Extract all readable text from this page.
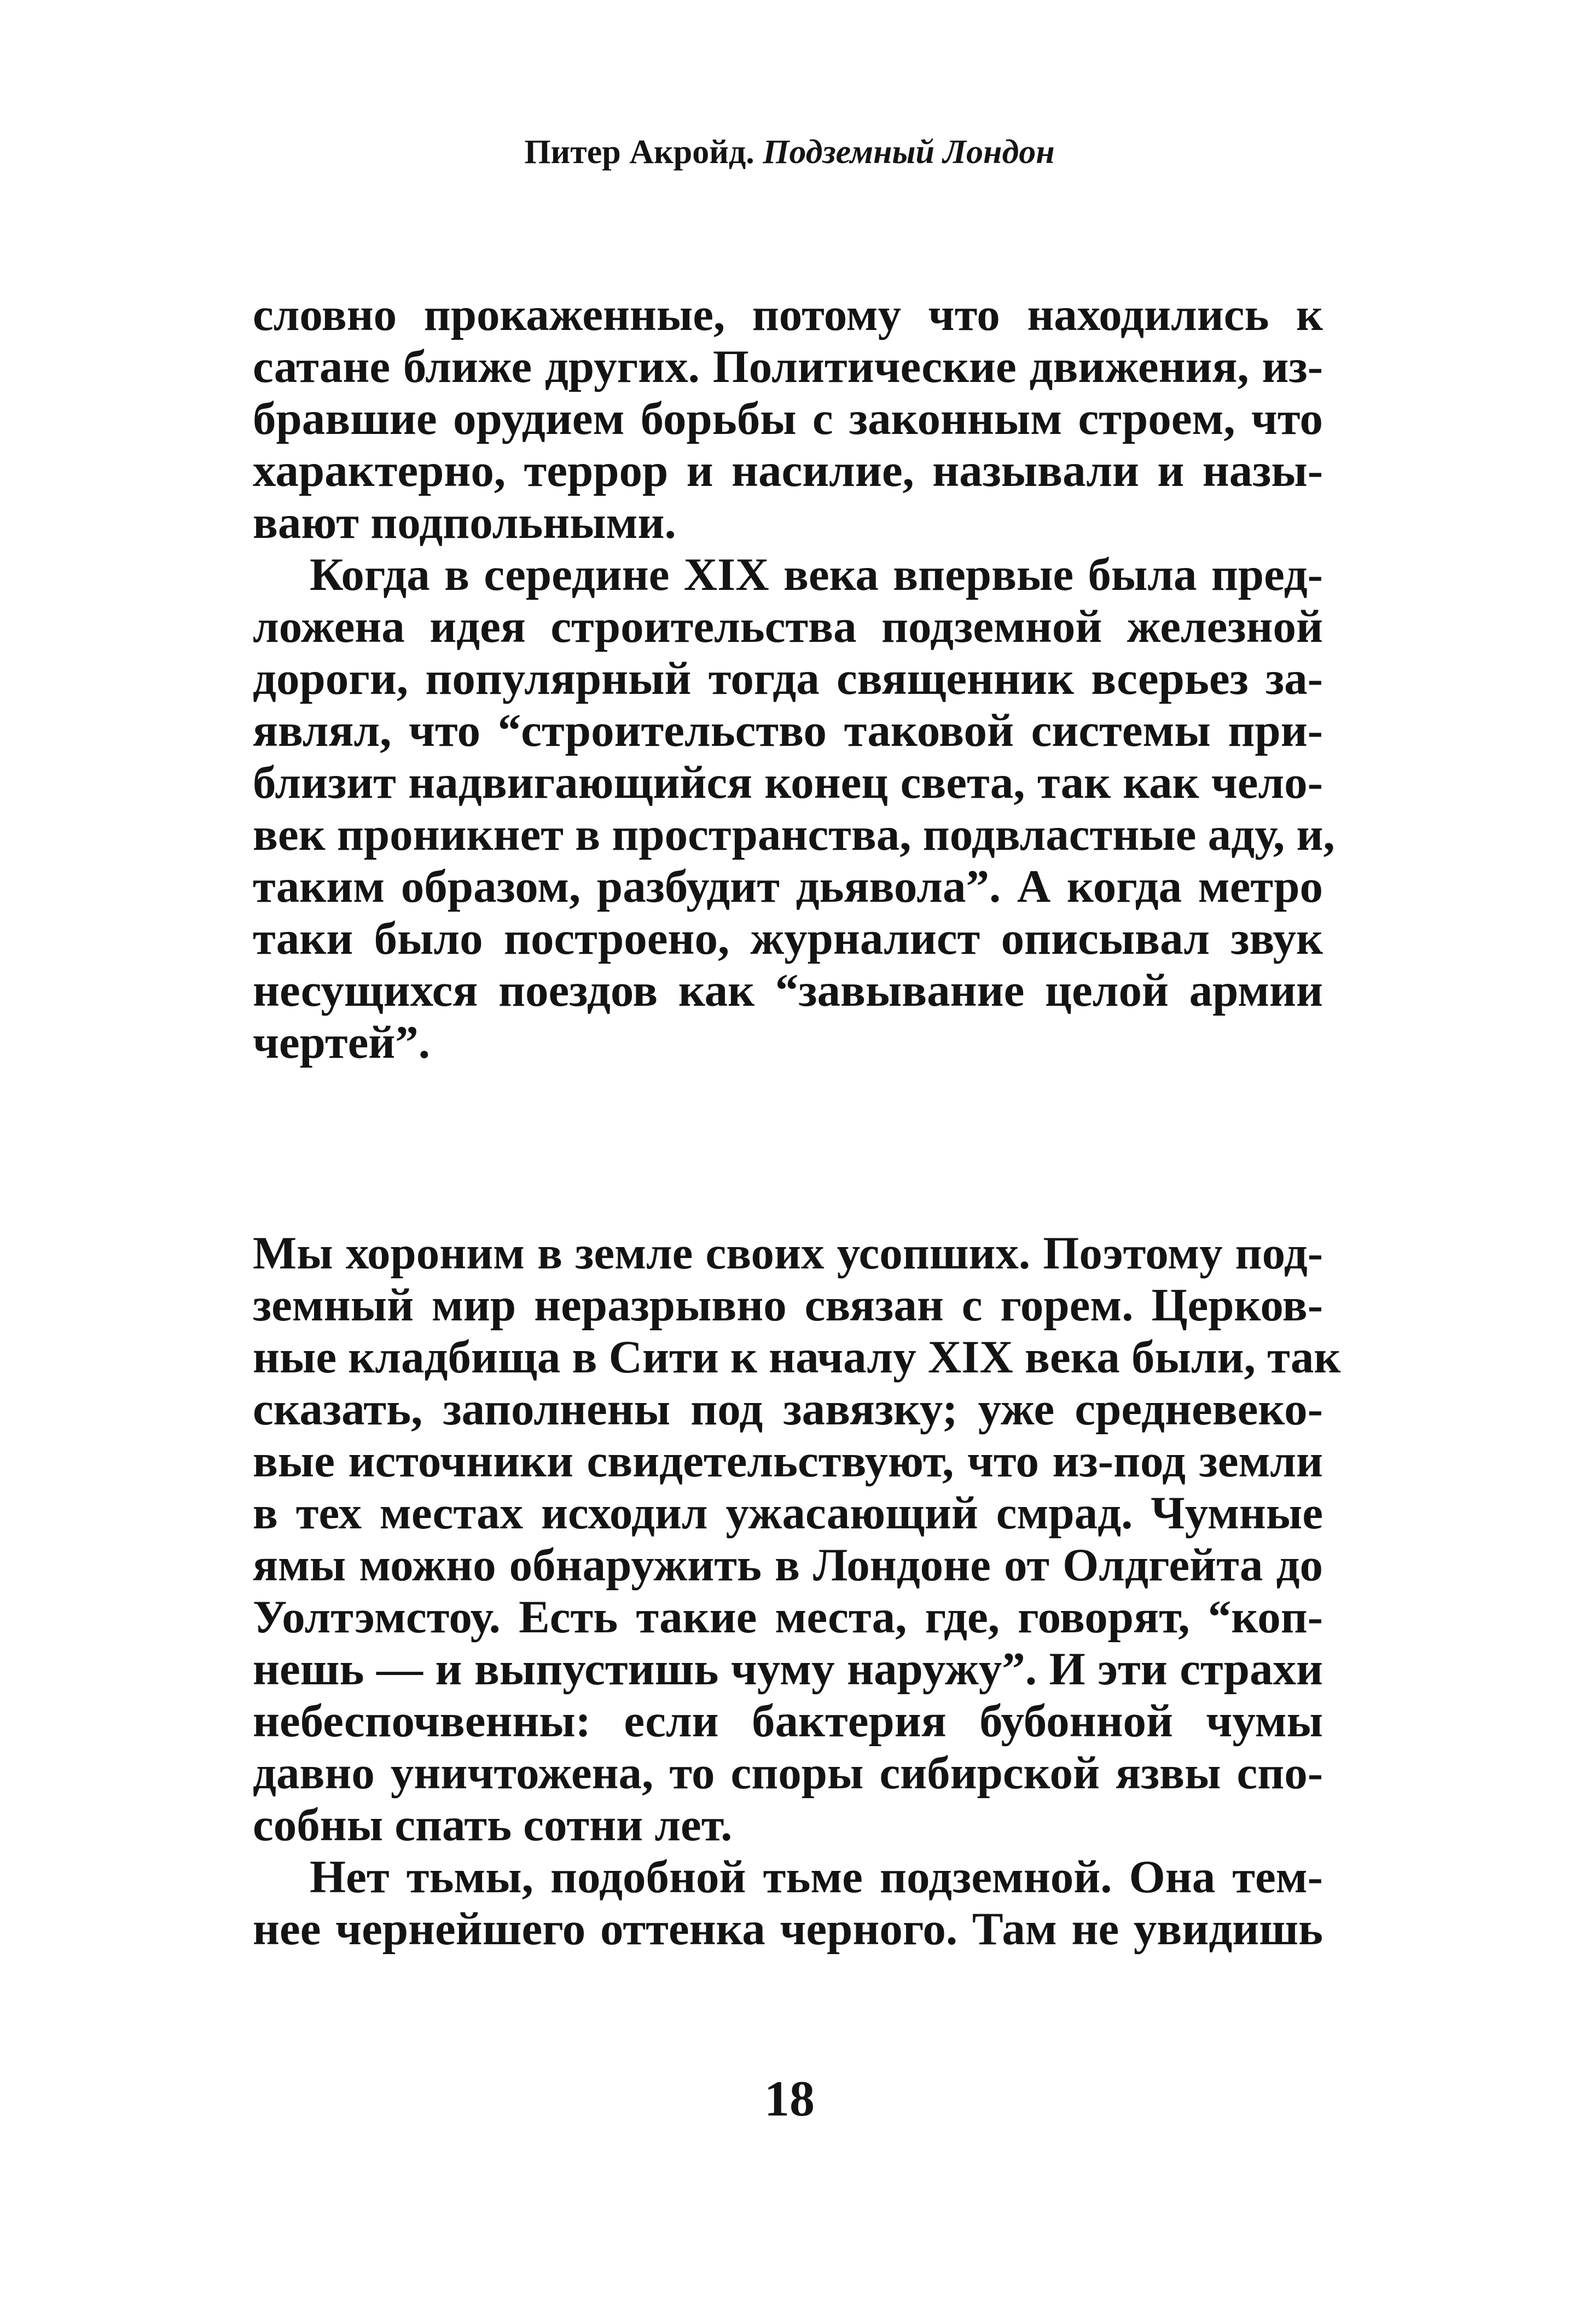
Питер Акройд. Подземный Лондон
словно прокаженные, потому что находились к
сатане ближе других. Политические движения, из-
бравшие орудием борьбы с законным строем, что
характерно, террор и насилие, называли и назы-
вают подпольными.
Когда в середине XIX века впервые была пред-
ложена идея строительства подземной железной
дороги, популярный тогда священник всерьез за-
являл, что “строительство таковой системы при-
близит надвигающийся конец света, так как чело-
век проникнет в пространства, подвластные аду, и,
таким образом, разбудит дьявола”. А когда метро
таки было построено, журналист описывал звук
несущихся поездов как “завывание целой армии
чертей”.
Мы хороним в земле своих усопших. Поэтому под-
земный мир неразрывно связан с горем. Церков-
ные кладбища в Сити к началу XIX века были, так
сказать, заполнены под завязку; уже средневеко-
вые источники свидетельствуют, что из-под земли
в тех местах исходил ужасающий смрад. Чумные
ямы можно обнаружить в Лондоне от Олдгейта до
Уолтэмстоу. Есть такие места, где, говорят, “коп-
нешь — и выпустишь чуму наружу”. И эти страхи
небеспочвенны: если бактерия бубонной чумы
давно уничтожена, то споры сибирской язвы спо-
собны спать сотни лет.
Нет тьмы, подобной тьме подземной. Она тем-
нее чернейшего оттенка черного. Там не увидишь
18
